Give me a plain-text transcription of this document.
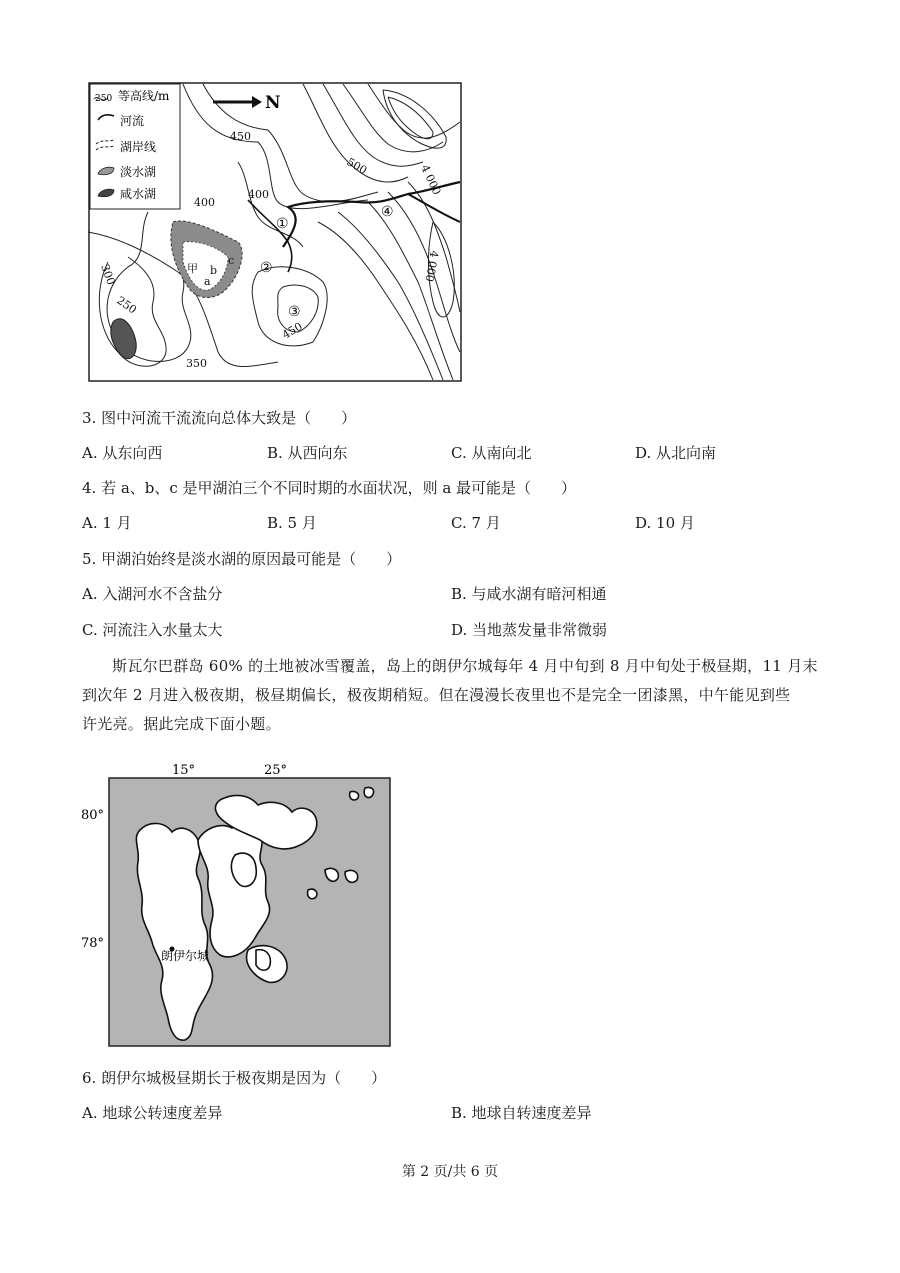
250 等高线/m
河流
湖岸线
淡水湖
咸水湖
N
450
500
400
400
300
250
350
450
4 000
4 000
①
②
③
④
甲
a
b
c
3. 图中河流干流流向总体大致是（　　）
A. 从东向西	B. 从西向东	C. 从南向北	D. 从北向南
4. 若 a、b、c 是甲湖泊三个不同时期的水面状况，则 a 最可能是（　　）
A. 1 月	B. 5 月	C. 7 月	D. 10 月
5. 甲湖泊始终是淡水湖的原因最可能是（　　）
A. 入湖河水不含盐分	B. 与咸水湖有暗河相通
C. 河流注入水量太大	D. 当地蒸发量非常微弱
斯瓦尔巴群岛 60% 的土地被冰雪覆盖，岛上的朗伊尔城每年 4 月中旬到 8 月中旬处于极昼期，11 月末
到次年 2 月进入极夜期，极昼期偏长，极夜期稍短。但在漫漫长夜里也不是完全一团漆黑，中午能见到些
许光亮。据此完成下面小题。
15°	25°
80°
78°
朗伊尔城
6. 朗伊尔城极昼期长于极夜期是因为（　　）
A. 地球公转速度差异	B. 地球自转速度差异
第 2 页/共 6 页
